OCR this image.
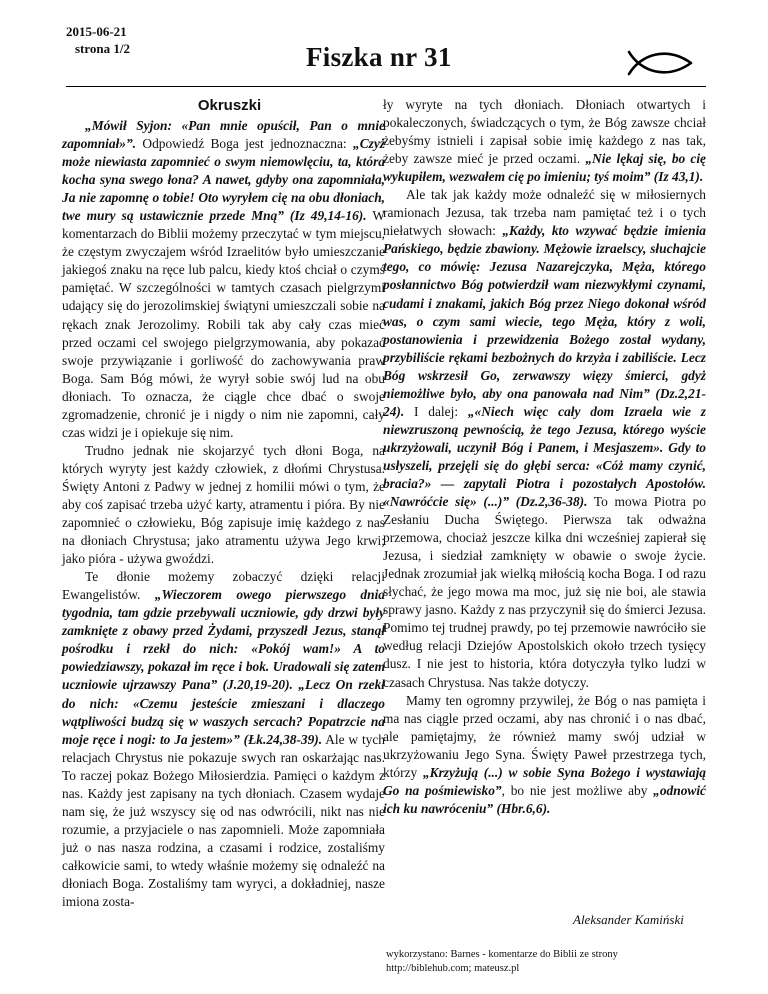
2015-06-21
strona 1/2	Fiszka nr 31
Okruszki

„Mówił Syjon: «Pan mnie opuścił, Pan o mnie zapomniał»”. Odpowiedź Boga jest jednoznaczna: „Czyż może niewiasta zapomnieć o swym niemowlęciu, ta, która kocha syna swego łona? A nawet, gdyby ona zapomniała, Ja nie zapomnę o tobie! Oto wyryłem cię na obu dłoniach, twe mury są ustawicznie przede Mną” (Iz 49,14-16). W komentarzach do Biblii możemy przeczytać w tym miejscu, że częstym zwyczajem wśród Izraelitów było umieszczanie jakiegoś znaku na ręce lub palcu, kiedy ktoś chciał o czymś pamiętać. W szczególności w tamtych czasach pielgrzymi udający się do jerozolimskiej świątyni umieszczali sobie na rękach znak Jerozolimy. Robili tak aby cały czas mieć przed oczami cel swojego pielgrzymowania, aby pokazać swoje przywiązanie i gorliwość do zachowywania praw Boga. Sam Bóg mówi, że wyrył sobie swój lud na obu dłoniach. To oznacza, że ciągle chce dbać o swoje zgromadzenie, chronić je i nigdy o nim nie zapomni, cały czas widzi je i opiekuje się nim.

Trudno jednak nie skojarzyć tych dłoni Boga, na których wyryty jest każdy człowiek, z dłońmi Chrystusa. Święty Antoni z Padwy w jednej z homilii mówi o tym, że aby coś zapisać trzeba użyć karty, atramentu i pióra. By nie zapomnieć o człowieku, Bóg zapisuje imię każdego z nas na dłoniach Chrystusa; jako atramentu używa Jego krwi; jako pióra - używa gwoździ.

Te dłonie możemy zobaczyć dzięki relacji Ewangelistów. „Wieczorem owego pierwszego dnia tygodnia, tam gdzie przebywali uczniowie, gdy drzwi były zamknięte z obawy przed Żydami, przyszedł Jezus, stanął pośrodku i rzekł do nich: «Pokój wam!» A to powiedziawszy, pokazał im ręce i bok. Uradowali się zatem uczniowie ujrzawszy Pana” (J.20,19-20). „Lecz On rzekł do nich: «Czemu jesteście zmieszani i dlaczego wątpliwości budzą się w waszych sercach? Popatrzcie na moje ręce i nogi: to Ja jestem»” (Łk.24,38-39). Ale w tych relacjach Chrystus nie pokazuje swych ran oskarżając nas. To raczej pokaz Bożego Miłosierdzia. Pamięci o każdym z nas. Każdy jest zapisany na tych dłoniach. Czasem wydaje nam się, że już wszyscy się od nas odwrócili, nikt nas nie rozumie, a przyjaciele o nas zapomnieli. Może zapomniała już o nas nasza rodzina, a czasami i rodzice, zostaliśmy całkowicie sami, to wtedy właśnie możemy się odnaleźć na dłoniach Boga. Zostaliśmy tam wyryci, a dokładniej, nasze imiona zosta-

ły wyryte na tych dłoniach. Dłoniach otwartych i pokaleczonych, świadczących o tym, że Bóg zawsze chciał żebyśmy istnieli i zapisał sobie imię każdego z nas tak, żeby zawsze mieć je przed oczami. „Nie lękaj się, bo cię wykupiłem, wezwałem cię po imieniu; tyś moim” (Iz 43,1).

Ale tak jak każdy może odnaleźć się w miłosiernych ramionach Jezusa, tak trzeba nam pamiętać też i o tych niełatwych słowach: „Każdy, kto wzywać będzie imienia Pańskiego, będzie zbawiony. Mężowie izraelscy, słuchajcie tego, co mówię: Jezusa Nazarejczyka, Męża, którego posłannictwo Bóg potwierdził wam niezwykłymi czynami, cudami i znakami, jakich Bóg przez Niego dokonał wśród was, o czym sami wiecie, tego Męża, który z woli, postanowienia i przewidzenia Bożego został wydany, przybiliście rękami bezbożnych do krzyża i zabiliście. Lecz Bóg wskrzesił Go, zerwawszy więzy śmierci, gdyż niemożliwe było, aby ona panowała nad Nim” (Dz.2,21-24). I dalej: „«Niech więc cały dom Izraela wie z niewzruszoną pewnością, że tego Jezusa, którego wyście ukrzyżowali, uczynił Bóg i Panem, i Mesjaszem». Gdy to usłyszeli, przejęli się do głębi serca: «Cóż mamy czynić, bracia?» — zapytali Piotra i pozostałych Apostołów. «Nawróćcie się» (...)” (Dz.2,36-38). To mowa Piotra po Zesłaniu Ducha Świętego. Pierwsza tak odważna przemowa, chociaż jeszcze kilka dni wcześniej zapierał się Jezusa, i siedział zamknięty w obawie o swoje życie. Jednak zrozumiał jak wielką miłością kocha Boga. I od razu słychać, że jego mowa ma moc, już się nie boi, ale stawia sprawy jasno. Każdy z nas przyczynił się do śmierci Jezusa. Pomimo tej trudnej prawdy, po tej przemowie nawróciło sie według relacji Dziejów Apostolskich około trzech tysięcy dusz. I nie jest to historia, która dotyczyła tylko ludzi w czasach Chrystusa. Nas także dotyczy.

Mamy ten ogromny przywilej, że Bóg o nas pamięta i ma nas ciągle przed oczami, aby nas chronić i o nas dbać, ale pamiętajmy, że również mamy swój udział w ukrzyżowaniu Jego Syna. Święty Paweł przestrzega tych, którzy „Krzyżują (...) w sobie Syna Bożego i wystawiają Go na pośmiewisko”, bo nie jest możliwe aby „odnowić ich ku nawróceniu” (Hbr.6,6).

Aleksander Kamiński
wykorzystano: Barnes - komentarze do Biblii ze strony
http://biblehub.com; mateusz.pl
